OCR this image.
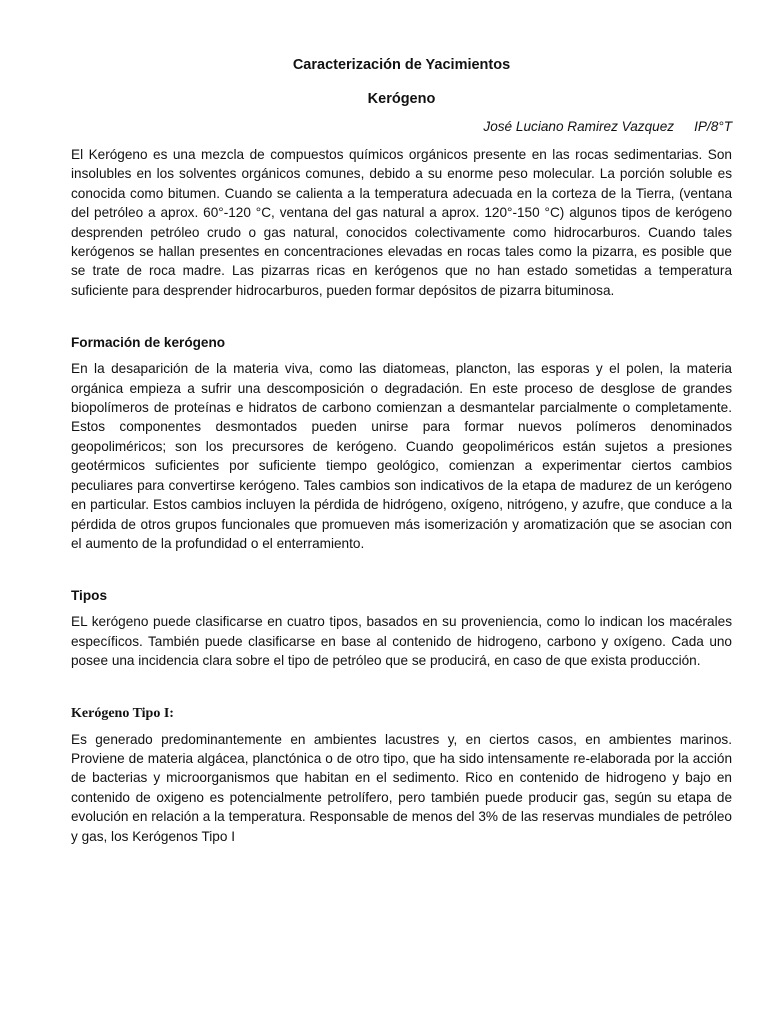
Caracterización de Yacimientos
Kerógeno

José Luciano Ramirez Vazquez IP/8°T

El Kerógeno es una mezcla de compuestos químicos orgánicos presente en las rocas sedimentarias. Son insolubles en los solventes orgánicos comunes, debido a su enorme peso molecular. La porción soluble es conocida como bitumen. Cuando se calienta a la temperatura adecuada en la corteza de la Tierra, (ventana del petróleo a aprox. 60°-120 °C, ventana del gas natural a aprox. 120°-150 °C) algunos tipos de kerógeno desprenden petróleo crudo o gas natural, conocidos colectivamente como hidrocarburos. Cuando tales kerógenos se hallan presentes en concentraciones elevadas en rocas tales como la pizarra, es posible que se trate de roca madre. Las pizarras ricas en kerógenos que no han estado sometidas a temperatura suficiente para desprender hidrocarburos, pueden formar depósitos de pizarra bituminosa.

Formación de kerógeno

En la desaparición de la materia viva, como las diatomeas, plancton, las esporas y el polen, la materia orgánica empieza a sufrir una descomposición o degradación. En este proceso de desglose de grandes biopolímeros de proteínas e hidratos de carbono comienzan a desmantelar parcialmente o completamente. Estos componentes desmontados pueden unirse para formar nuevos polímeros denominados geopoliméricos; son los precursores de kerógeno. Cuando geopoliméricos están sujetos a presiones geotérmicos suficientes por suficiente tiempo geológico, comienzan a experimentar ciertos cambios peculiares para convertirse kerógeno. Tales cambios son indicativos de la etapa de madurez de un kerógeno en particular. Estos cambios incluyen la pérdida de hidrógeno, oxígeno, nitrógeno, y azufre, que conduce a la pérdida de otros grupos funcionales que promueven más isomerización y aromatización que se asocian con el aumento de la profundidad o el enterramiento.

Tipos

EL kerógeno puede clasificarse en cuatro tipos, basados en su proveniencia, como lo indican los macérales específicos. También puede clasificarse en base al contenido de hidrogeno, carbono y oxígeno. Cada uno posee una incidencia clara sobre el tipo de petróleo que se producirá, en caso de que exista producción.

Kerógeno Tipo I:

Es generado predominantemente en ambientes lacustres y, en ciertos casos, en ambientes marinos. Proviene de materia algácea, planctónica o de otro tipo, que ha sido intensamente re-elaborada por la acción de bacterias y microorganismos que habitan en el sedimento. Rico en contenido de hidrogeno y bajo en contenido de oxigeno es potencialmente petrolífero, pero también puede producir gas, según su etapa de evolución en relación a la temperatura. Responsable de menos del 3% de las reservas mundiales de petróleo y gas, los Kerógenos Tipo I
